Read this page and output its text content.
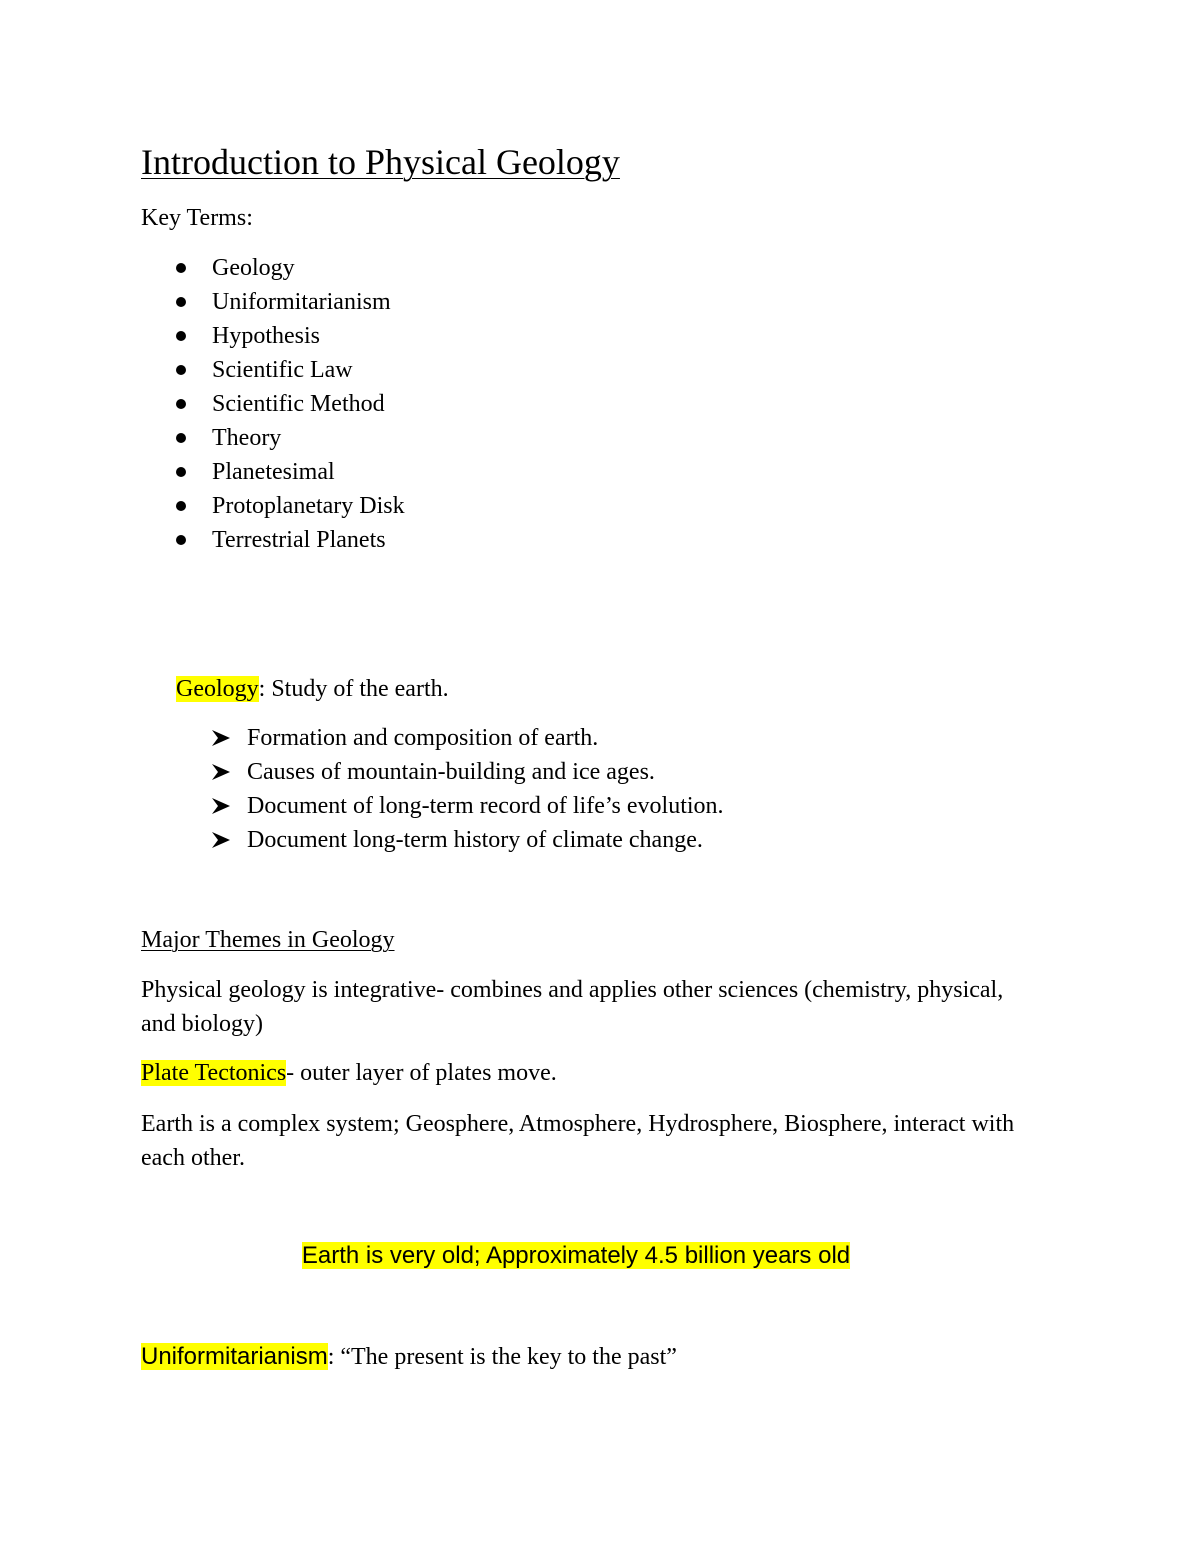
Introduction to Physical Geology
Key Terms:
Geology
Uniformitarianism
Hypothesis
Scientific Law
Scientific Method
Theory
Planetesimal
Protoplanetary Disk
Terrestrial Planets
Geology: Study of the earth.
Formation and composition of earth.
Causes of mountain-building and ice ages.
Document of long-term record of life’s evolution.
Document long-term history of climate change.
Major Themes in Geology
Physical geology is integrative- combines and applies other sciences (chemistry, physical, and biology)
Plate Tectonics- outer layer of plates move.
Earth is a complex system; Geosphere, Atmosphere, Hydrosphere, Biosphere, interact with each other.
Earth is very old; Approximately 4.5 billion years old
Uniformitarianism: “The present is the key to the past”
